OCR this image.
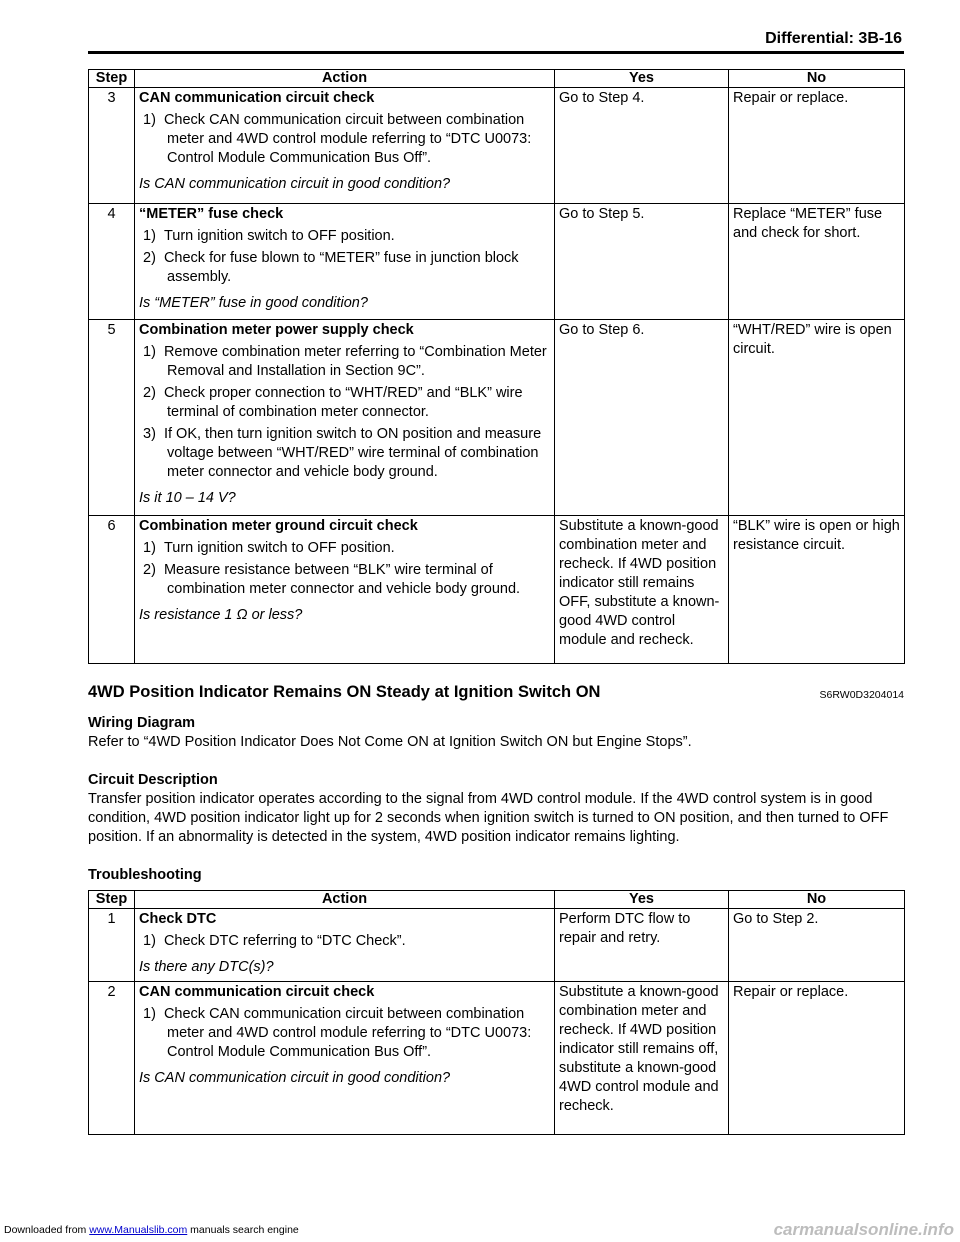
Differential: 3B-16
Step	Action	Yes	No
3	CAN communication circuit check
1)  Check CAN communication circuit between combination meter and 4WD control module referring to “DTC U0073: Control Module Communication Bus Off”.
Is CAN communication circuit in good condition?	Go to Step 4.	Repair or replace.
4	“METER” fuse check
1)  Turn ignition switch to OFF position.
2)  Check for fuse blown to “METER” fuse in junction block assembly.
Is “METER” fuse in good condition?	Go to Step 5.	Replace “METER” fuse and check for short.
5	Combination meter power supply check
1)  Remove combination meter referring to “Combination Meter Removal and Installation in Section 9C”.
2)  Check proper connection to “WHT/RED” and “BLK” wire terminal of combination meter connector.
3)  If OK, then turn ignition switch to ON position and measure voltage between “WHT/RED” wire terminal of combination meter connector and vehicle body ground.
Is it 10 – 14 V?	Go to Step 6.	“WHT/RED” wire is open circuit.
6	Combination meter ground circuit check
1)  Turn ignition switch to OFF position.
2)  Measure resistance between “BLK” wire terminal of combination meter connector and vehicle body ground.
Is resistance 1 Ω or less?	Substitute a known-good combination meter and recheck. If 4WD position indicator still remains OFF, substitute a known-good 4WD control module and recheck.	“BLK” wire is open or high resistance circuit.
4WD Position Indicator Remains ON Steady at Ignition Switch ON	S6RW0D3204014
Wiring Diagram
Refer to “4WD Position Indicator Does Not Come ON at Ignition Switch ON but Engine Stops”.
Circuit Description
Transfer position indicator operates according to the signal from 4WD control module. If the 4WD control system is in good condition, 4WD position indicator light up for 2 seconds when ignition switch is turned to ON position, and then turned to OFF position. If an abnormality is detected in the system, 4WD position indicator remains lighting.
Troubleshooting
Step	Action	Yes	No
1	Check DTC
1)  Check DTC referring to “DTC Check”.
Is there any DTC(s)?	Perform DTC flow to repair and retry.	Go to Step 2.
2	CAN communication circuit check
1)  Check CAN communication circuit between combination meter and 4WD control module referring to “DTC U0073: Control Module Communication Bus Off”.
Is CAN communication circuit in good condition?	Substitute a known-good combination meter and recheck. If 4WD position indicator still remains off, substitute a known-good 4WD control module and recheck.	Repair or replace.
Downloaded from www.Manualslib.com manuals search engine	carmanualsonline.info
